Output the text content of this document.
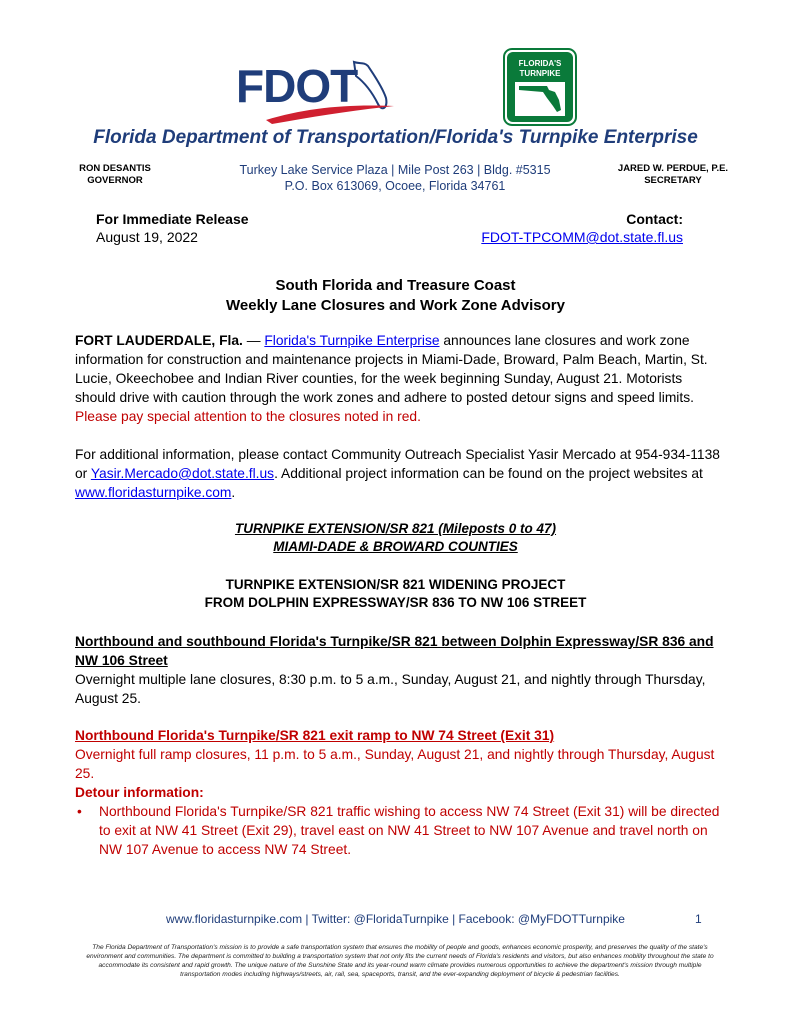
FDOT	FLORIDA'S
TURNPIKE
Florida Department of Transportation/Florida's Turnpike Enterprise
RON DESANTIS
GOVERNOR
Turkey Lake Service Plaza | Mile Post 263 | Bldg. #5315
P.O. Box 613069, Ocoee, Florida 34761
JARED W. PERDUE, P.E.
SECRETARY
For Immediate Release
August 19, 2022
Contact:
FDOT-TPCOMM@dot.state.fl.us
South Florida and Treasure Coast
Weekly Lane Closures and Work Zone Advisory
FORT LAUDERDALE, Fla. — Florida's Turnpike Enterprise announces lane closures and work zone information for construction and maintenance projects in Miami-Dade, Broward, Palm Beach, Martin, St. Lucie, Okeechobee and Indian River counties, for the week beginning Sunday, August 21. Motorists should drive with caution through the work zones and adhere to posted detour signs and speed limits. Please pay special attention to the closures noted in red.
For additional information, please contact Community Outreach Specialist Yasir Mercado at 954-934-1138 or Yasir.Mercado@dot.state.fl.us. Additional project information can be found on the project websites at www.floridasturnpike.com.
TURNPIKE EXTENSION/SR 821 (Mileposts 0 to 47)
MIAMI-DADE & BROWARD COUNTIES
TURNPIKE EXTENSION/SR 821 WIDENING PROJECT
FROM DOLPHIN EXPRESSWAY/SR 836 TO NW 106 STREET
Northbound and southbound Florida's Turnpike/SR 821 between Dolphin Expressway/SR 836 and NW 106 Street
Overnight multiple lane closures, 8:30 p.m. to 5 a.m., Sunday, August 21, and nightly through Thursday, August 25.
Northbound Florida's Turnpike/SR 821 exit ramp to NW 74 Street (Exit 31)
Overnight full ramp closures, 11 p.m. to 5 a.m., Sunday, August 21, and nightly through Thursday, August 25.
Detour information:
• Northbound Florida's Turnpike/SR 821 traffic wishing to access NW 74 Street (Exit 31) will be directed to exit at NW 41 Street (Exit 29), travel east on NW 41 Street to NW 107 Avenue and travel north on NW 107 Avenue to access NW 74 Street.
www.floridasturnpike.com | Twitter: @FloridaTurnpike | Facebook: @MyFDOTTurnpike	1
The Florida Department of Transportation's mission is to provide a safe transportation system that ensures the mobility of people and goods, enhances economic prosperity, and preserves the quality of the state's environment and communities. The department is committed to building a transportation system that not only fits the current needs of Florida's residents and visitors, but also enhances mobility throughout the state to accommodate its consistent and rapid growth. The unique nature of the Sunshine State and its year-round warm climate provides numerous opportunities to achieve the department's mission through multiple transportation modes including highways/streets, air, rail, sea, spaceports, transit, and the ever-expanding deployment of bicycle & pedestrian facilities.
